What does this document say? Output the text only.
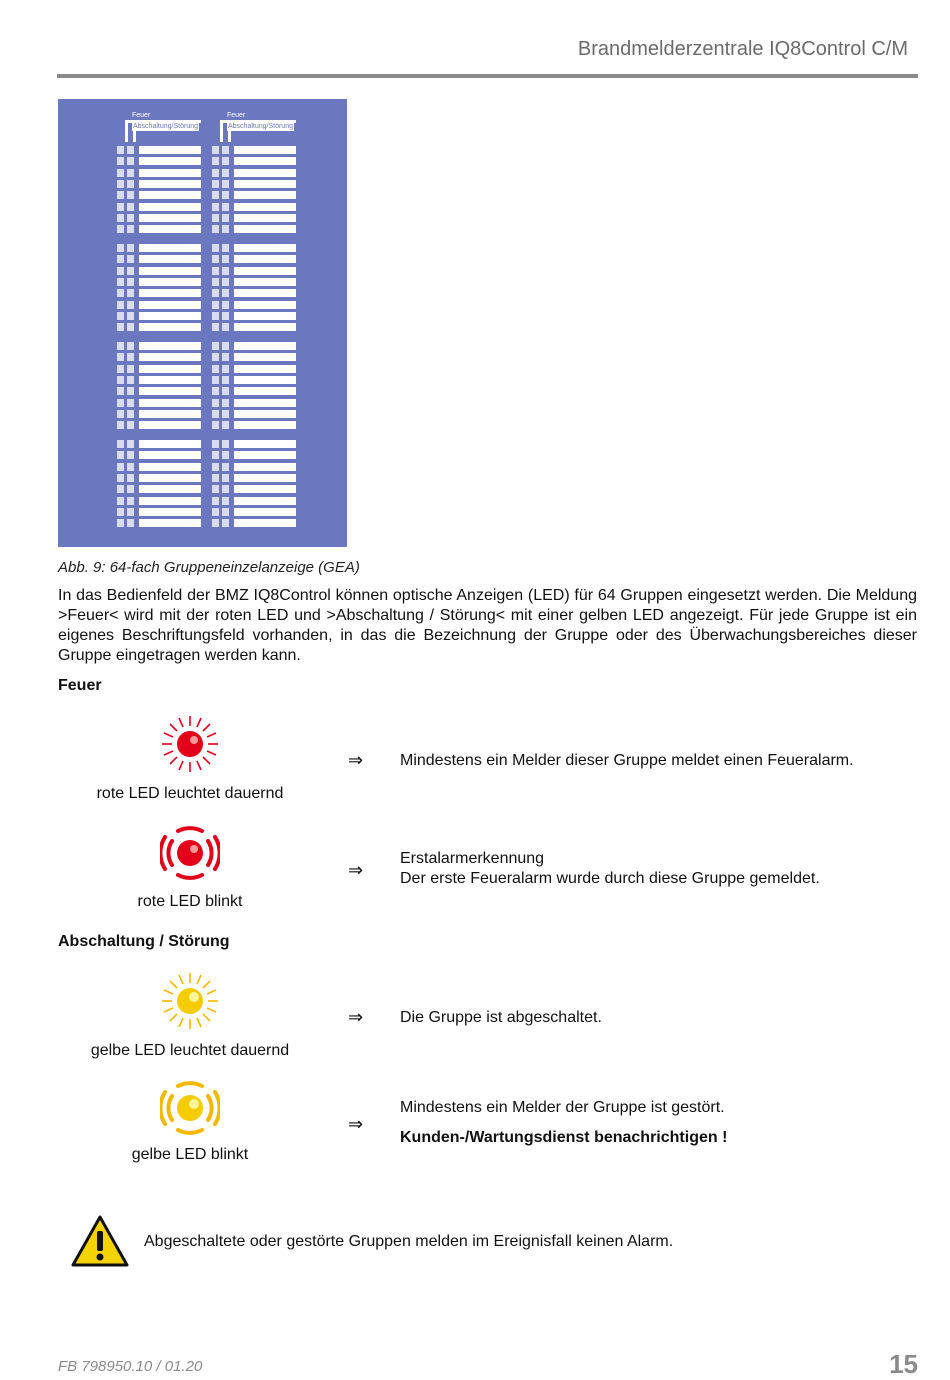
Brandmelderzentrale IQ8Control C/M
Feuer
Abschaltung/Störung
Feuer
Abschaltung/Störung
Abb. 9: 64-fach Gruppeneinzelanzeige (GEA)
In das Bedienfeld der BMZ IQ8Control können optische Anzeigen (LED) für 64 Gruppen eingesetzt werden. Die Meldung >Feuer< wird mit der roten LED und >Abschaltung / Störung< mit einer gelben LED angezeigt. Für jede Gruppe ist ein eigenes Beschriftungsfeld vorhanden, in das die Bezeichnung der Gruppe oder des Überwachungsbereiches dieser Gruppe eingetragen werden kann.
Feuer
rote LED leuchtet dauernd
⇒ Mindestens ein Melder dieser Gruppe meldet einen Feueralarm.
rote LED blinkt
⇒
Erstalarmerkennung
Der erste Feueralarm wurde durch diese Gruppe gemeldet.
Abschaltung / Störung
gelbe LED leuchtet dauernd
⇒ Die Gruppe ist abgeschaltet.
gelbe LED blinkt
⇒
Mindestens ein Melder der Gruppe ist gestört.
Kunden-/Wartungsdienst benachrichtigen !
Abgeschaltete oder gestörte Gruppen melden im Ereignisfall keinen Alarm.
FB 798950.10 / 01.20	15
